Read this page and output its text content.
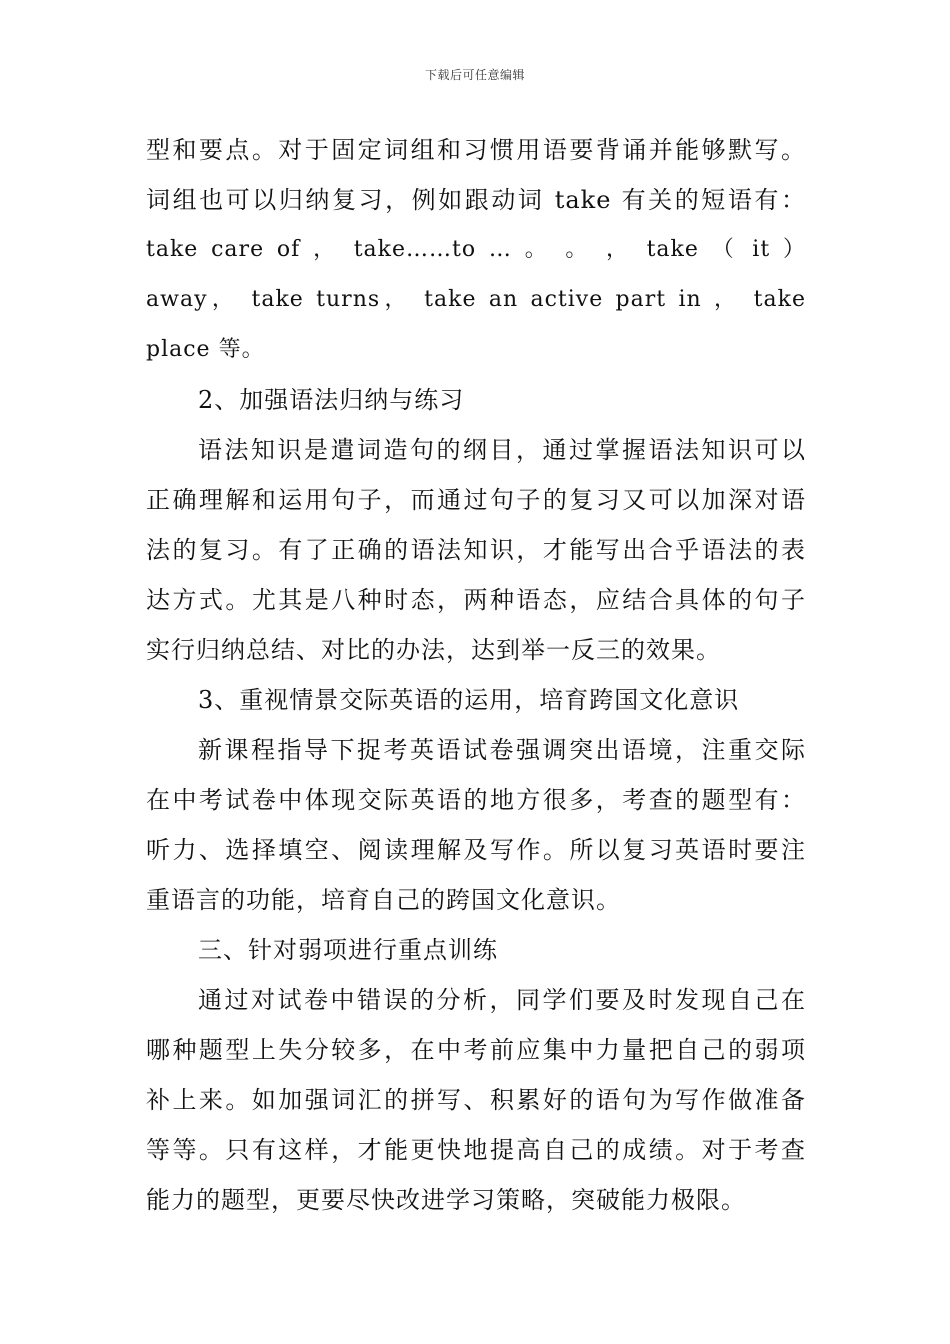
下载后可任意编辑
型和要点。对于固定词组和习惯用语要背诵并能够默写。
词组也可以归纳复习，例如跟动词 take 有关的短语有：
take care of ， take……to … 。 。 ， take （ it ）
away， take turns， take an active part in ， take
place 等。
2、加强语法归纳与练习
语法知识是遣词造句的纲目，通过掌握语法知识可以
正确理解和运用句子，而通过句子的复习又可以加深对语
法的复习。有了正确的语法知识，才能写出合乎语法的表
达方式。尤其是八种时态，两种语态，应结合具体的句子
实行归纳总结、对比的办法，达到举一反三的效果。
3、重视情景交际英语的运用，培育跨国文化意识
新课程指导下捉考英语试卷强调突出语境，注重交际
在中考试卷中体现交际英语的地方很多，考查的题型有：
听力、选择填空、阅读理解及写作。所以复习英语时要注
重语言的功能，培育自己的跨国文化意识。
三、针对弱项进行重点训练
通过对试卷中错误的分析，同学们要及时发现自己在
哪种题型上失分较多，在中考前应集中力量把自己的弱项
补上来。如加强词汇的拼写、积累好的语句为写作做准备
等等。只有这样，才能更快地提高自己的成绩。对于考查
能力的题型，更要尽快改进学习策略，突破能力极限。
